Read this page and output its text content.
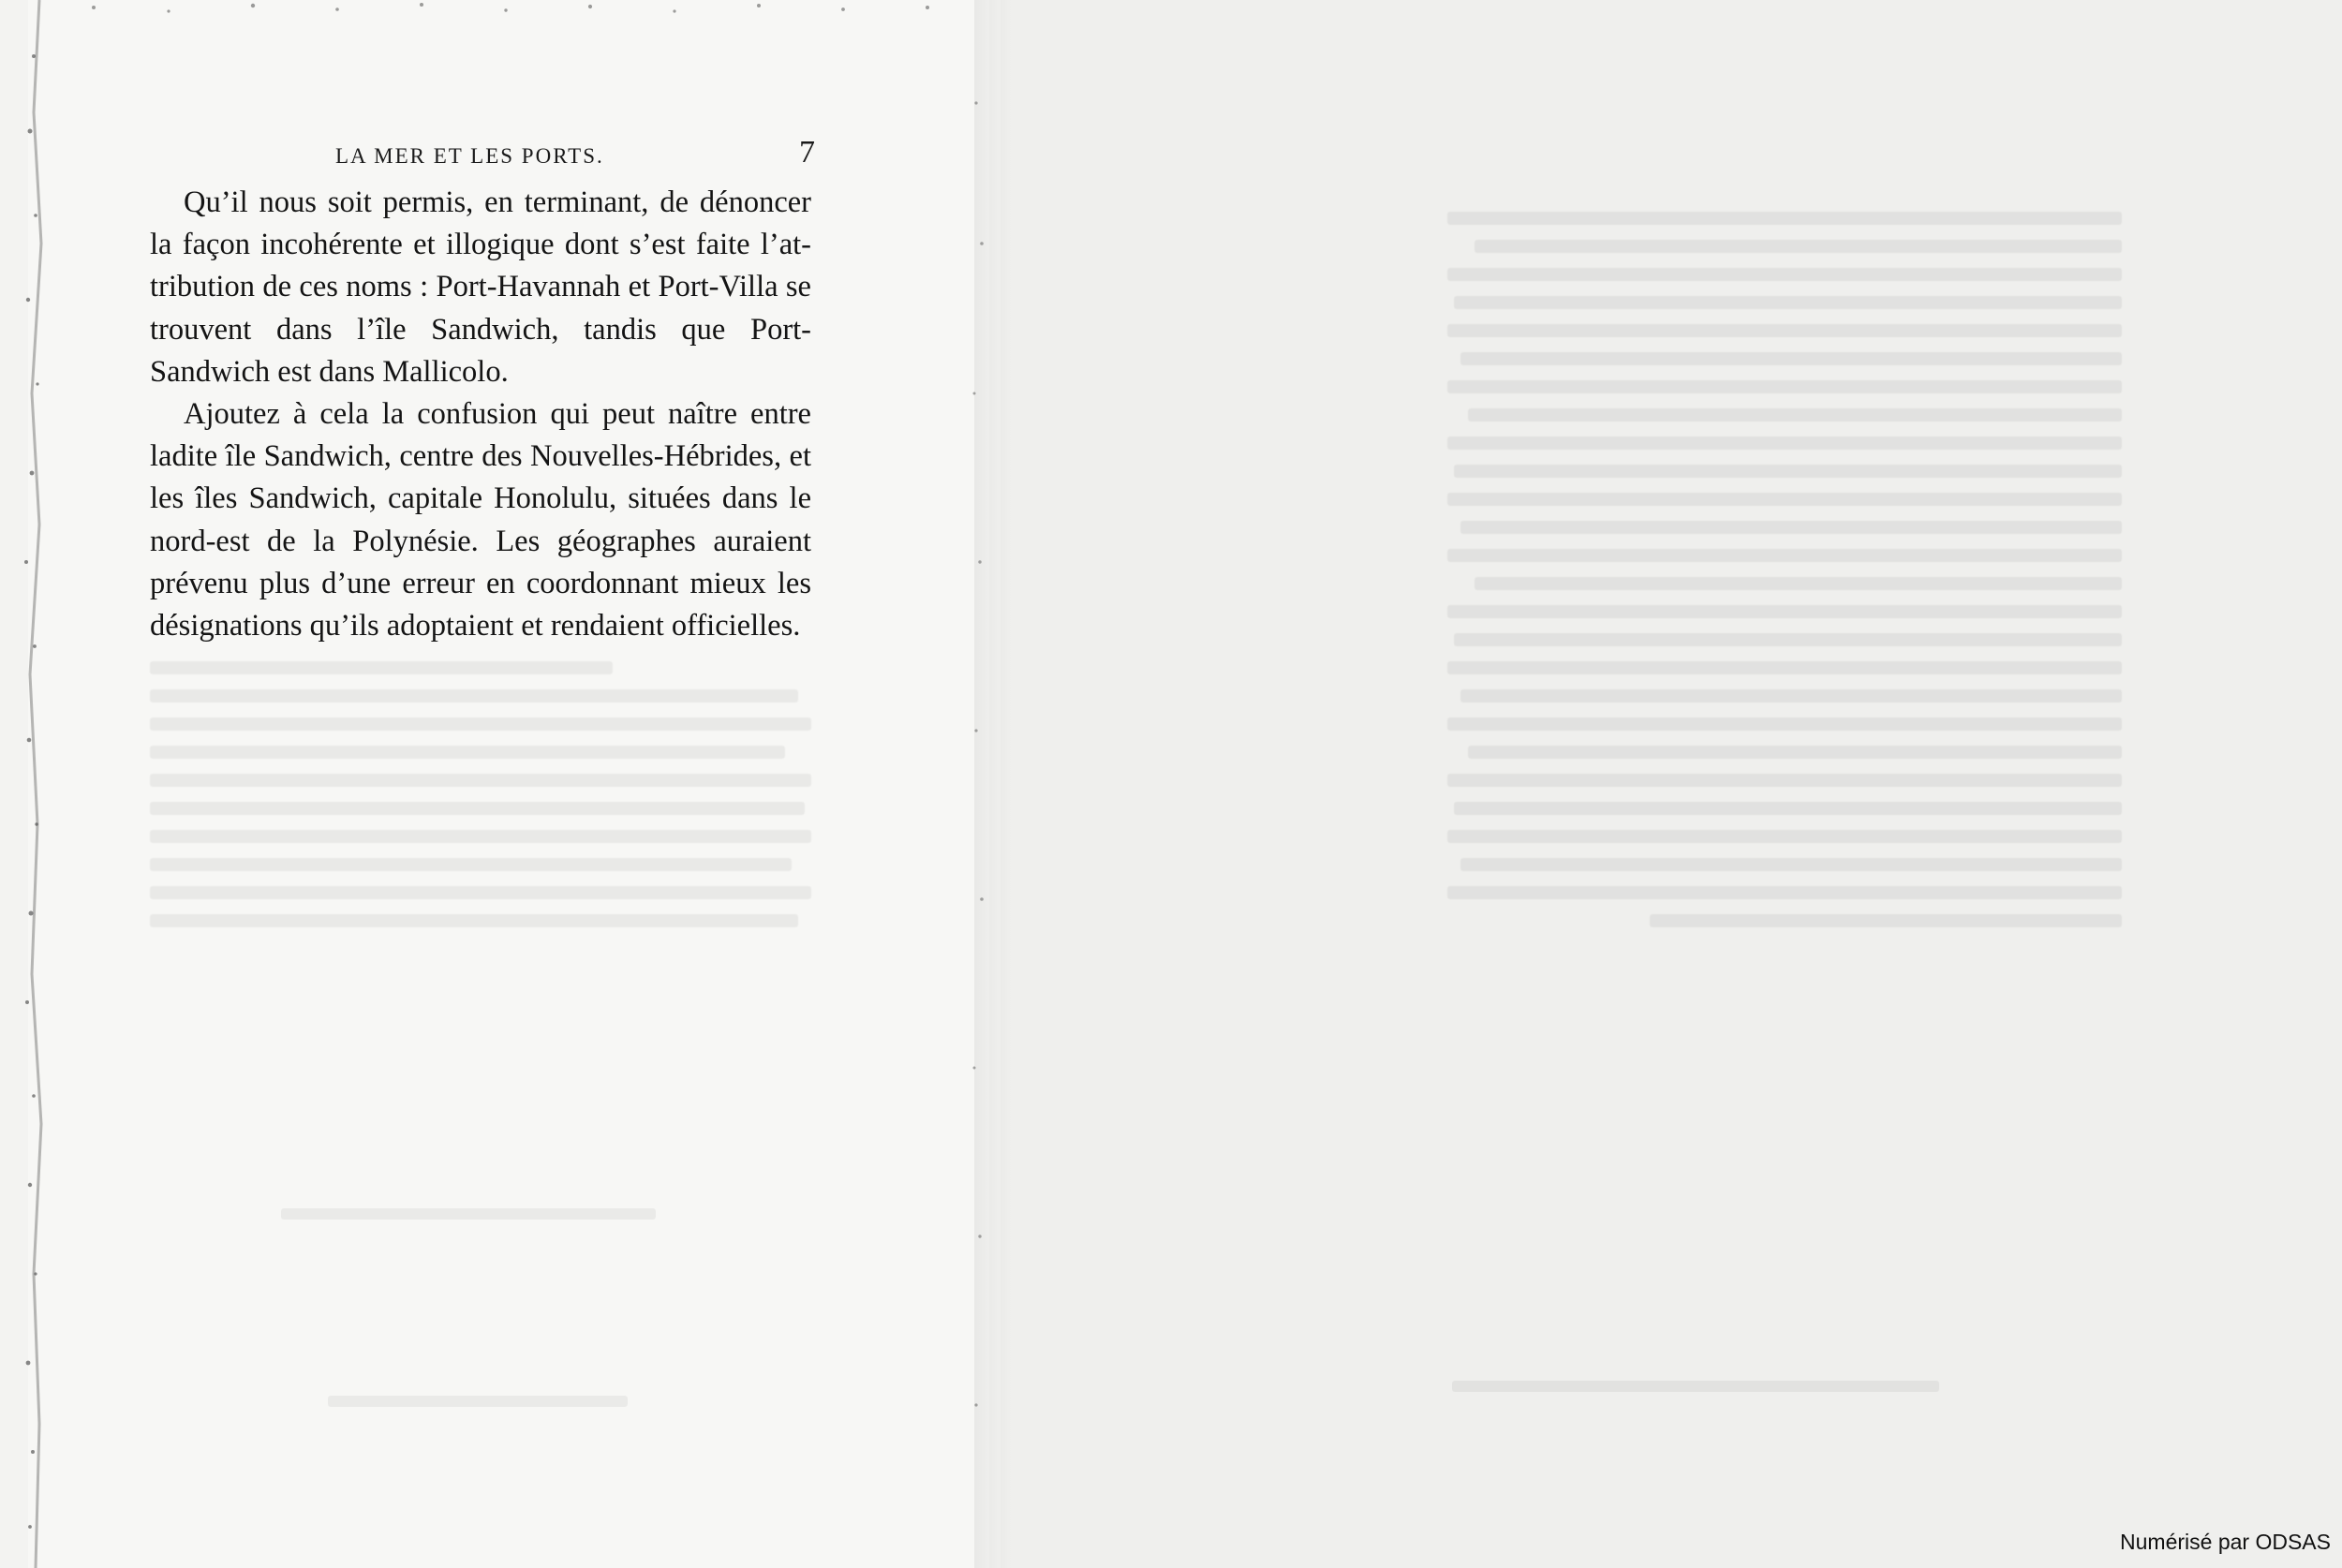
LA MER ET LES PORTS.	7

Qu’il nous soit permis, en terminant, de dénoncer la façon incohérente et illogique dont s’est faite l’at-tribution de ces noms : Port-Havannah et Port-Villa se trouvent dans l’île Sandwich, tandis que Port-Sandwich est dans Mallicolo.

Ajoutez à cela la confusion qui peut naître entre ladite île Sandwich, centre des Nouvelles-Hébrides, et les îles Sandwich, capitale Honolulu, situées dans le nord-est de la Polynésie. Les géographes auraient prévenu plus d’une erreur en coordonnant mieux les désignations qu’ils adoptaient et rendaient officielles.

Numérisé par ODSAS
